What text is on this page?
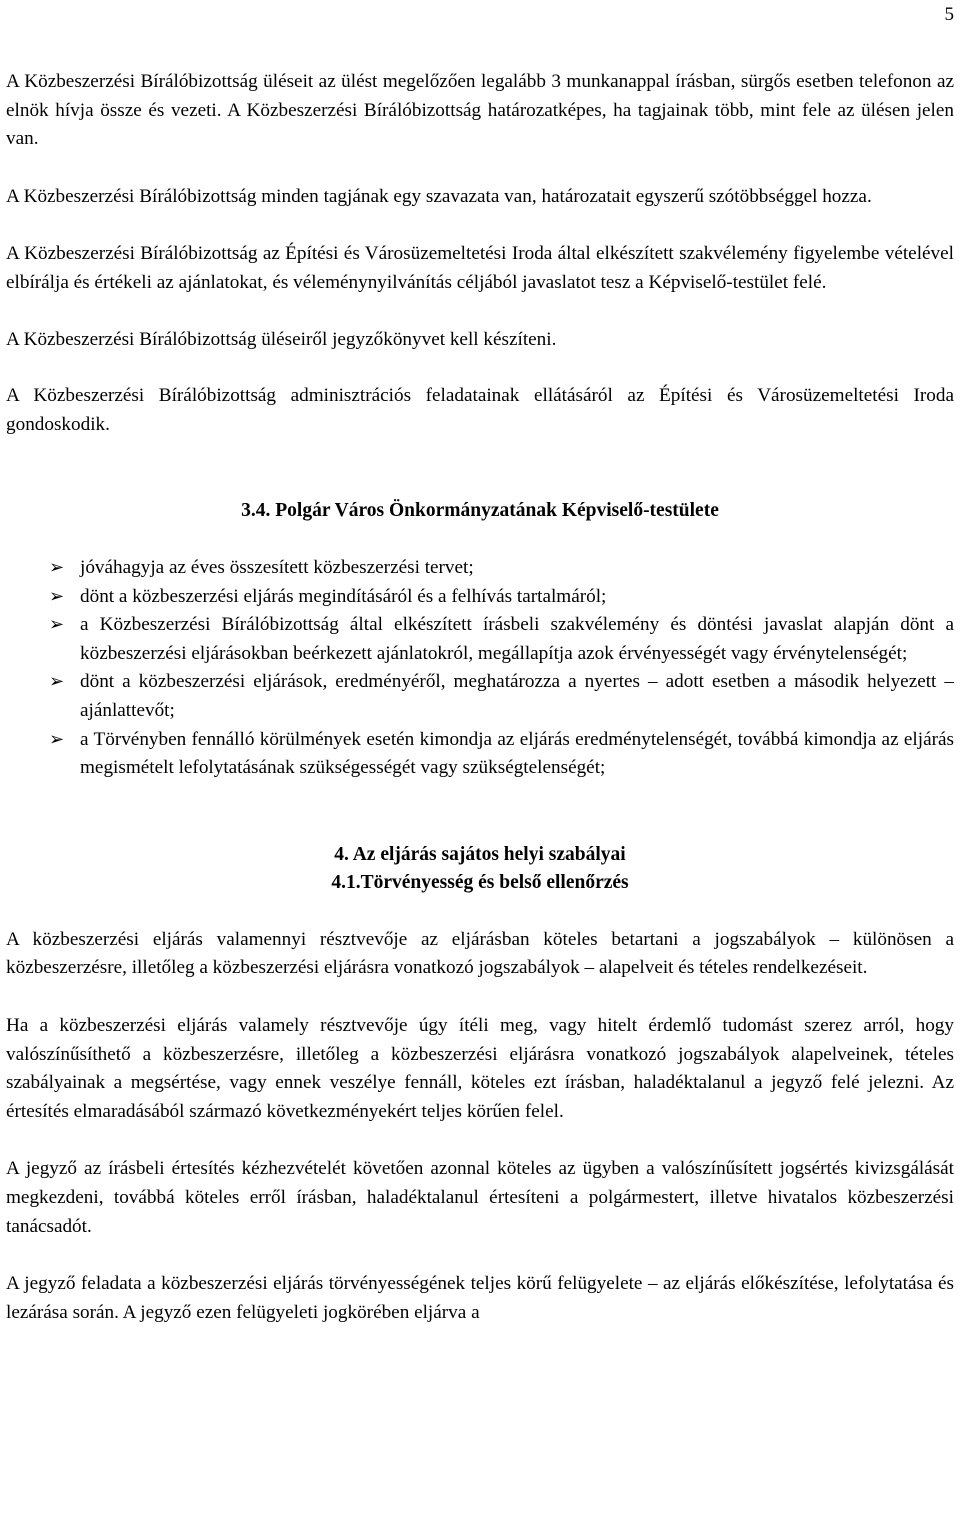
5

A Közbeszerzési Bírálóbizottság üléseit az ülést megelőzően legalább 3 munkanappal írásban, sürgős esetben telefonon az elnök hívja össze és vezeti. A Közbeszerzési Bírálóbizottság határozatképes, ha tagjainak több, mint fele az ülésen jelen van.

A Közbeszerzési Bírálóbizottság minden tagjának egy szavazata van, határozatait egyszerű szótöbbséggel hozza.

A Közbeszerzési Bírálóbizottság az Építési és Városüzemeltetési Iroda által elkészített szakvélemény figyelembe vételével elbírálja és értékeli az ajánlatokat, és véleménynyilvánítás céljából javaslatot tesz a Képviselő-testület felé.

A Közbeszerzési Bírálóbizottság üléseiről jegyzőkönyvet kell készíteni.

A Közbeszerzési Bírálóbizottság adminisztrációs feladatainak ellátásáról az Építési és Városüzemeltetési Iroda gondoskodik.

3.4. Polgár Város Önkormányzatának Képviselő-testülete
➢ jóváhagyja az éves összesített közbeszerzési tervet;
➢ dönt a közbeszerzési eljárás megindításáról és a felhívás tartalmáról;
➢ a Közbeszerzési Bírálóbizottság által elkészített írásbeli szakvélemény és döntési javaslat alapján dönt a közbeszerzési eljárásokban beérkezett ajánlatokról, megállapítja azok érvényességét vagy érvénytelenségét;
➢ dönt a közbeszerzési eljárások, eredményéről, meghatározza a nyertes – adott esetben a második helyezett – ajánlattevőt;
➢ a Törvényben fennálló körülmények esetén kimondja az eljárás eredménytelenségét, továbbá kimondja az eljárás megismételt lefolytatásának szükségességét vagy szükségtelenségét;
4. Az eljárás sajátos helyi szabályai
4.1.Törvényesség és belső ellenőrzés

A közbeszerzési eljárás valamennyi résztvevője az eljárásban köteles betartani a jogszabályok – különösen a közbeszerzésre, illetőleg a közbeszerzési eljárásra vonatkozó jogszabályok – alapelveit és tételes rendelkezéseit.

Ha a közbeszerzési eljárás valamely résztvevője úgy ítéli meg, vagy hitelt érdemlő tudomást szerez arról, hogy valószínűsíthető a közbeszerzésre, illetőleg a közbeszerzési eljárásra vonatkozó jogszabályok alapelveinek, tételes szabályainak a megsértése, vagy ennek veszélye fennáll, köteles ezt írásban, haladéktalanul a jegyző felé jelezni. Az értesítés elmaradásából származó következményekért teljes körűen felel.

A jegyző az írásbeli értesítés kézhezvételét követően azonnal köteles az ügyben a valószínűsített jogsértés kivizsgálását megkezdeni, továbbá köteles erről írásban, haladéktalanul értesíteni a polgármestert, illetve hivatalos közbeszerzési tanácsadót.

A jegyző feladata a közbeszerzési eljárás törvényességének teljes körű felügyelete – az eljárás előkészítése, lefolytatása és lezárása során. A jegyző ezen felügyeleti jogkörében eljárva a
